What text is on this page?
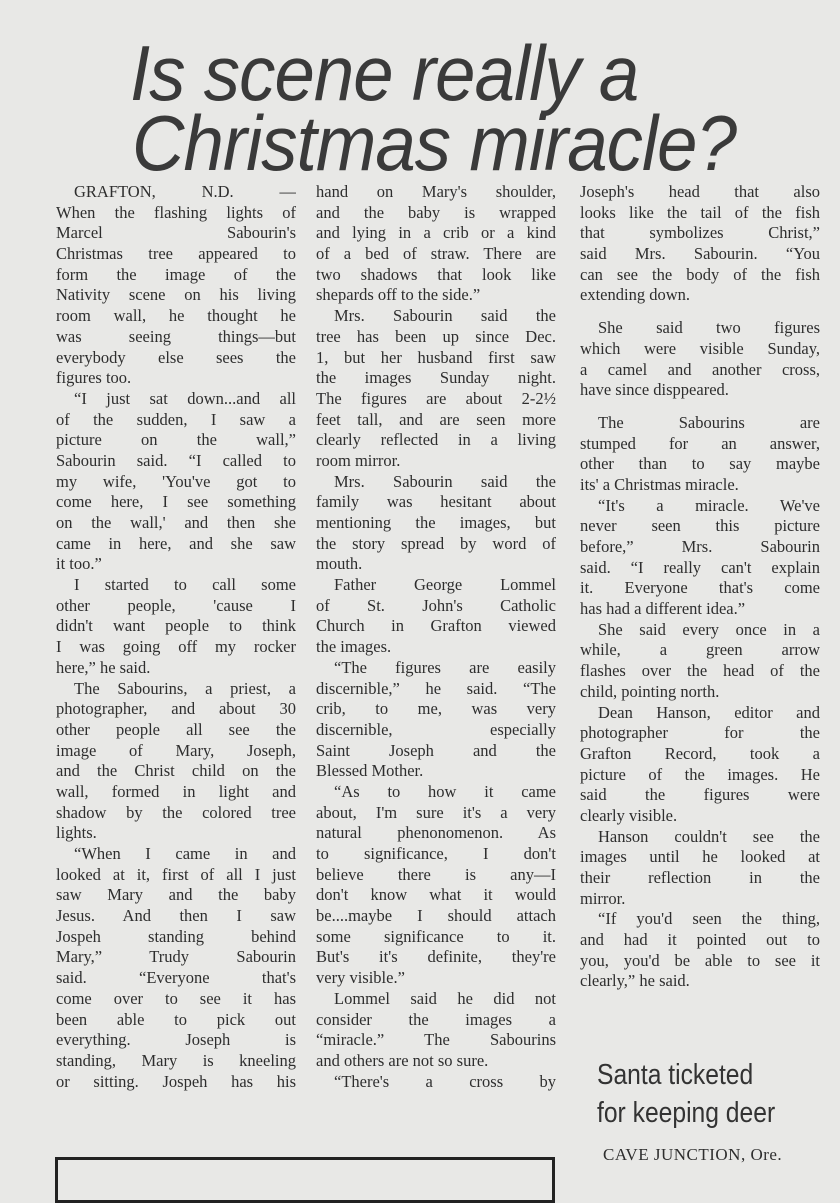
Is scene really a
Christmas miracle?
GRAFTON, N.D. —
When the flashing lights of
Marcel Sabourin's
Christmas tree appeared to
form the image of the
Nativity scene on his living
room wall, he thought he
was seeing things—but
everybody else sees the
figures too.
“I just sat down...and all
of the sudden, I saw a
picture on the wall,”
Sabourin said. “I called to
my wife, 'You've got to
come here, I see something
on the wall,' and then she
came in here, and she saw
it too.”
I started to call some
other people, 'cause I
didn't want people to think
I was going off my rocker
here,” he said.
The Sabourins, a priest, a
photographer, and about 30
other people all see the
image of Mary, Joseph,
and the Christ child on the
wall, formed in light and
shadow by the colored tree
lights.
“When I came in and
looked at it, first of all I just
saw Mary and the baby
Jesus. And then I saw
Jospeh standing behind
Mary,” Trudy Sabourin
said. “Everyone that's
come over to see it has
been able to pick out
everything. Joseph is
standing, Mary is kneeling
or sitting. Jospeh has his
hand on Mary's shoulder,
and the baby is wrapped
and lying in a crib or a kind
of a bed of straw. There are
two shadows that look like
shepards off to the side.”
Mrs. Sabourin said the
tree has been up since Dec.
1, but her husband first saw
the images Sunday night.
The figures are about 2-2½
feet tall, and are seen more
clearly reflected in a living
room mirror.
Mrs. Sabourin said the
family was hesitant about
mentioning the images, but
the story spread by word of
mouth.
Father George Lommel
of St. John's Catholic
Church in Grafton viewed
the images.
“The figures are easily
discernible,” he said. “The
crib, to me, was very
discernible, especially
Saint Joseph and the
Blessed Mother.
“As to how it came
about, I'm sure it's a very
natural phenonomenon. As
to significance, I don't
believe there is any—I
don't know what it would
be....maybe I should attach
some significance to it.
But's it's definite, they're
very visible.”
Lommel said he did not
consider the images a
“miracle.” The Sabourins
and others are not so sure.
“There's a cross by
Joseph's head that also
looks like the tail of the fish
that symbolizes Christ,”
said Mrs. Sabourin. “You
can see the body of the fish
extending down.
She said two figures
which were visible Sunday,
a camel and another cross,
have since disppeared.
The Sabourins are
stumped for an answer,
other than to say maybe
its' a Christmas miracle.
“It's a miracle. We've
never seen this picture
before,” Mrs. Sabourin
said. “I really can't explain
it. Everyone that's come
has had a different idea.”
She said every once in a
while, a green arrow
flashes over the head of the
child, pointing north.
Dean Hanson, editor and
photographer for the
Grafton Record, took a
picture of the images. He
said the figures were
clearly visible.
Hanson couldn't see the
images until he looked at
their reflection in the
mirror.
“If you'd seen the thing,
and had it pointed out to
you, you'd be able to see it
clearly,” he said.
Santa ticketed
for keeping deer
CAVE JUNCTION, Ore.
